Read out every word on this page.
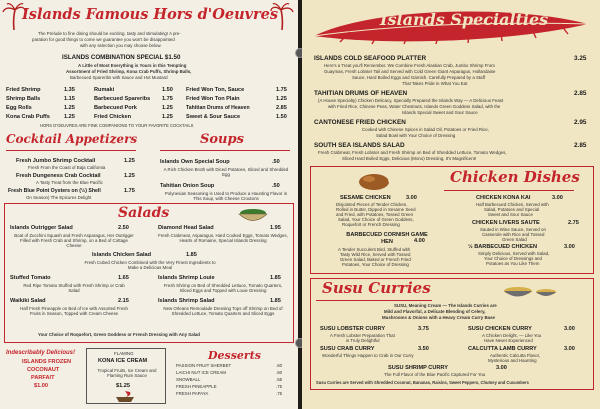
Islands Famous Hors d'Oeuvres
The Prelude to fine dining should be exciting, tasty and stimulating! A pre-
paration for good things to come we guarantee you won't be disappointed
with any selection you may choose below.
ISLANDS COMBINATION SPECIAL $1.50
A Little of Most Everything is Yours in this Tempting
Assortment of Fried Shrimp, Kona Crab Puffs, Shrimp Balls,
Barbecued Spareribs with Sauce and Hot Mustard
Fried Shrimp	1.35	Rumaki	1.50 Fried Won Ton, Sauce	1.75
Shrimp Balls	1.15	Barbecued Spareribs 1.75 Fried Won Ton Plain	1.25
Egg Rolls	1.25	Barbecued Pork	1.25	Tahitian Drums of Heaven	2.85
Kona Crab Puffs	1.25	Fried Chicken	1.25 Sweet & Sour Sauce	1.50
HORS D'OEUVRES ARE FINE COMPANIONS TO YOUR FAVORITE COCKTAILS
Cocktail Appetizers
Fresh Jumbo Shrimp Cocktail	1.25
Fresh From the Coast of Baja California
Fresh Dungeness Crab Cocktail	1.25
A Tasty Treat from the Blue Pacific
Fresh Blue Point Oysters on (½) Shell	1.75
On Season) The Epicures Delight
Soups
Islands Own Special Soup	.50
A Rich Chicken Broth with Diced Potatoes, Sliced and Shredded Egg
Tahitian Onion Soup	.50
Polynesian Seasoning is Used to Produce a Haunting Flavor in This Soup, with Cheese Croutons
Salads
Islands Outrigger Salad	2.50
Boat of Zucchini Squash and Fresh Asparagus, Her Outrigger Filled with Fresh Crab and Shrimp, on a Bed of Cottage Cheese
Diamond Head Salad	1.95
Fresh Crabmeat, Asparagus, Hard Cooked Eggs, Tomato Wedges, Hearts of Romaine, Special Islands Dressing
Islands Chicken Salad	1.85
Fresh Cubed Chicken Combined with the Very Finest Ingredients to Make a Delicious Meal
Stuffed Tomato	1.65
Red Ripe Tomato Stuffed with Fresh Shrimp or Crab Salad
Islands Shrimp Louie	1.85
Fresh Shrimp on Bed of Shredded Lettuce, Tomato Quarters, Sliced Eggs and Topped with Louie Dressing
Waikiki Salad	2.15
Half Fresh Pineapple on Bed of Ice with Assorted Fresh Fruits in Season, Topped with Cream Cheese
Islands Shrimp Salad	1.85
New Orleans Remoulade Dressing Tops off Shrimp on Bed of Shredded Lettuce, Tomato Quarters and Sliced Eggs
Your Choice of Roquefort, Green Goddess or French Dressing with Any Salad
Indescribably Delicious!
ISLANDS FROZEN
COCONAUT
PARFAIT
$1.00
FLAMING
KONA ICE CREAM
Tropical Fruits, Ice Cream and Flaming Rum Sauce
$1.25
Desserts
PASSION FRUIT SHERBET	.60
LAICHI NUT ICE CREAM	.60
SNOWBALL	.55
FRESH PINEAPPLE	.75
FRESH PAPAYA	.75
Islands Specialties
ISLANDS COLD SEAFOOD PLATTER	3.25
Here's a Treat you'll Remember. We Combine Fresh Alaskan Crab, Jumbo Shrimp From
Guaymas, Fresh Lobster Tail and Served with Cold Green Giant Asparagus, Hollandaise
Sauce, Hard Boiled Eggs and Garnish. Carefully Prepared by a Staff
That Takes Pride in What You Eat
TAHITIAN DRUMS OF HEAVEN	2.85
(A House Specialty) Chicken Delicacy, Specially Prepared the Islands Way — A Delicious Feast
with Fried Rice, Chinese Peas, Water Chestnuts, Islands Green Goddess Salad, with the
Islands Special Sweet and Sour Sauce
CANTONESE FRIED CHICKEN	2.95
Cooked with Chinese Spices in Salad Oil, Potatoes or Fried Rice,
Salad Bowl with Your Choice of Dressing
SOUTH SEA ISLANDS SALAD	2.85
Fresh Crabmeat, Fresh Lobster and Fresh Shrimp on Bed of Shredded Lettuce, Tomato Wedges,
Sliced Hard Boiled Eggs, Delicious (Mono) Dressing, It's Magnificent!
Chicken Dishes
SESAME CHICKEN	3.00
Disjointed Pieces of Tender Chicken,
Rolled in Butter, Dipped in Sesame Seed
and Fried, with Potatoes, Tossed Green
Salad, Your Choice of Green Goddess,
Roquefort or French Dressing
CHICKEN KONA KAI	3.00
Half Barbecued Chicken, Served with
Salad, Potatoes and Special
Sweet and Sour Sauce
CHICKEN LIVERS SAUTE	2.75
Sauted in Wine Sauce, Served on
Casserole with Rice and Tossed
Green Salad
BARBECUED CORNISH GAME HEN	4.00
A Tender Succulent Bird, Stuffed with
Tasty Wild Rice, Served with Tossed
Green Salad, Baked or French Fried
Potatoes, Your Choice of Dressing
½ BARBECUED CHICKEN	3.00
Simply Delicious, Served with Salad,
Your Choice of Dressings and
Potatoes as You Like Them
Susu Curries
SUSU, Meaning Cream — The Islands Curries are
Mild and Flavorful, a Delicate Blending of Celery,
Mushrooms & Onions with a Heavy Cream Curry Base
SUSU LOBSTER CURRY	3.75
A Fresh Lobster Preparation That
is Truly Delightful
SUSU CHICKEN CURRY	3.00
A Chicken Delight, — Like You
Have Never Experienced
SUSU CRAB CURRY	3.50
Wonderful Things Happen to Crab in Our Curry
CALCUTTA LAMB CURRY	3.00
Authentic Calcutta Flavor,
Mysterious and Haunting
SUSU SHRIMP CURRY	3.00
The Full Flavor of the Blue Pacific Captured For You
Susu Curries are Served with Shredded Coconut, Bananas, Raisins, Sweet Peppers, Chutney and Cucumbers
